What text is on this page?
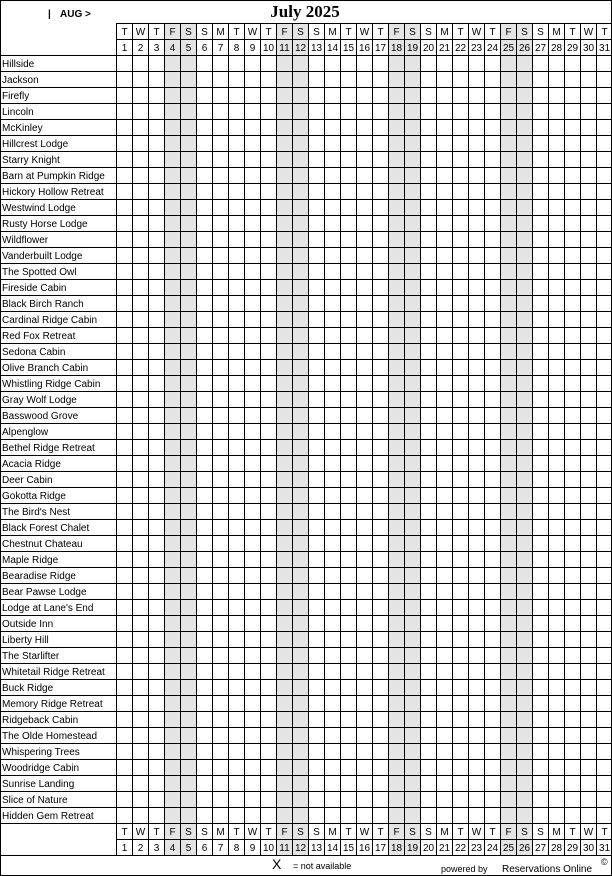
| AUG >	July 2025
T W T F S S M T W T F S S M T W T F S S M T W T F S S M T W T
1 2 3 4 5 6 7 8 9 10 11 12 13 14 15 16 17 18 19 20 21 22 23 24 25 26 27 28 29 30 31
Hillside
Jackson
Firefly
Lincoln
McKinley
Hillcrest Lodge
Starry Knight
Barn at Pumpkin Ridge
Hickory Hollow Retreat
Westwind Lodge
Rusty Horse Lodge
Wildflower
Vanderbuilt Lodge
The Spotted Owl
Fireside Cabin
Black Birch Ranch
Cardinal Ridge Cabin
Red Fox Retreat
Sedona Cabin
Olive Branch Cabin
Whistling Ridge Cabin
Gray Wolf Lodge
Basswood Grove
Alpenglow
Bethel Ridge Retreat
Acacia Ridge
Deer Cabin
Gokotta Ridge
The Bird's Nest
Black Forest Chalet
Chestnut Chateau
Maple Ridge
Bearadise Ridge
Bear Pawse Lodge
Lodge at Lane's End
Outside Inn
Liberty Hill
The Starlifter
Whitetail Ridge Retreat
Buck Ridge
Memory Ridge Retreat
Ridgeback Cabin
The Olde Homestead
Whispering Trees
Woodridge Cabin
Sunrise Landing
Slice of Nature
Hidden Gem Retreat
T W T F S S M T W T F S S M T W T F S S M T W T F S S M T W T
1 2 3 4 5 6 7 8 9 10 11 12 13 14 15 16 17 18 19 20 21 22 23 24 25 26 27 28 29 30 31
X = not available	powered by Reservations Online
©
